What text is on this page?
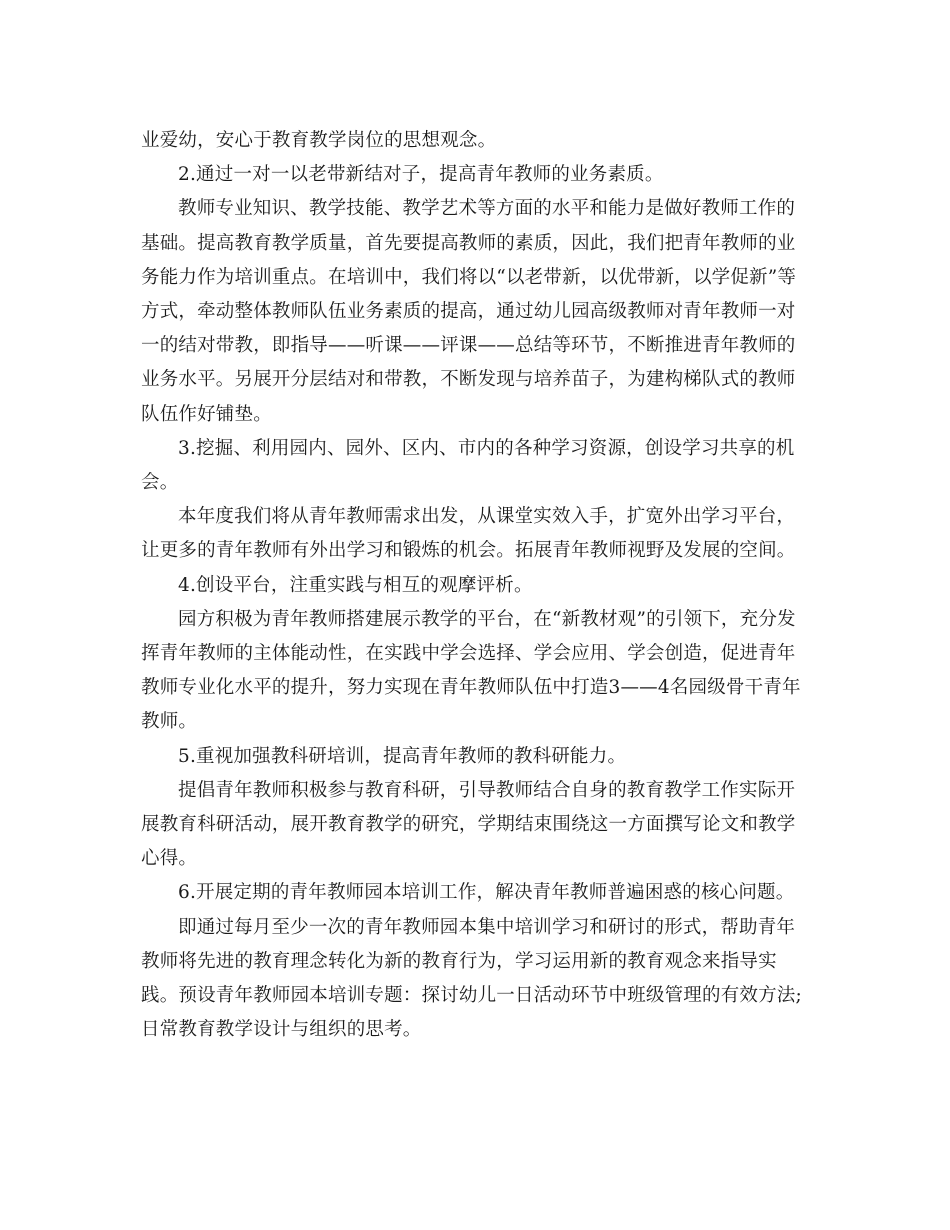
业爱幼，安心于教育教学岗位的思想观念。

2.通过一对一以老带新结对子，提高青年教师的业务素质。

教师专业知识、教学技能、教学艺术等方面的水平和能力是做好教师工作的
基础。提高教育教学质量，首先要提高教师的素质，因此，我们把青年教师的业
务能力作为培训重点。在培训中，我们将以“以老带新，以优带新，以学促新”等
方式，牵动整体教师队伍业务素质的提高，通过幼儿园高级教师对青年教师一对
一的结对带教，即指导——听课——评课——总结等环节，不断推进青年教师的
业务水平。另展开分层结对和带教，不断发现与培养苗子，为建构梯队式的教师
队伍作好铺垫。

3.挖掘、利用园内、园外、区内、市内的各种学习资源，创设学习共享的机
会。

本年度我们将从青年教师需求出发，从课堂实效入手，扩宽外出学习平台，
让更多的青年教师有外出学习和锻炼的机会。拓展青年教师视野及发展的空间。

4.创设平台，注重实践与相互的观摩评析。

园方积极为青年教师搭建展示教学的平台，在“新教材观”的引领下，充分发
挥青年教师的主体能动性，在实践中学会选择、学会应用、学会创造，促进青年
教师专业化水平的提升，努力实现在青年教师队伍中打造3——4名园级骨干青年
教师。

5.重视加强教科研培训，提高青年教师的教科研能力。

提倡青年教师积极参与教育科研，引导教师结合自身的教育教学工作实际开
展教育科研活动，展开教育教学的研究，学期结束围绕这一方面撰写论文和教学
心得。

6.开展定期的青年教师园本培训工作，解决青年教师普遍困惑的核心问题。

即通过每月至少一次的青年教师园本集中培训学习和研讨的形式，帮助青年
教师将先进的教育理念转化为新的教育行为，学习运用新的教育观念来指导实
践。预设青年教师园本培训专题：探讨幼儿一日活动环节中班级管理的有效方法;
日常教育教学设计与组织的思考。
